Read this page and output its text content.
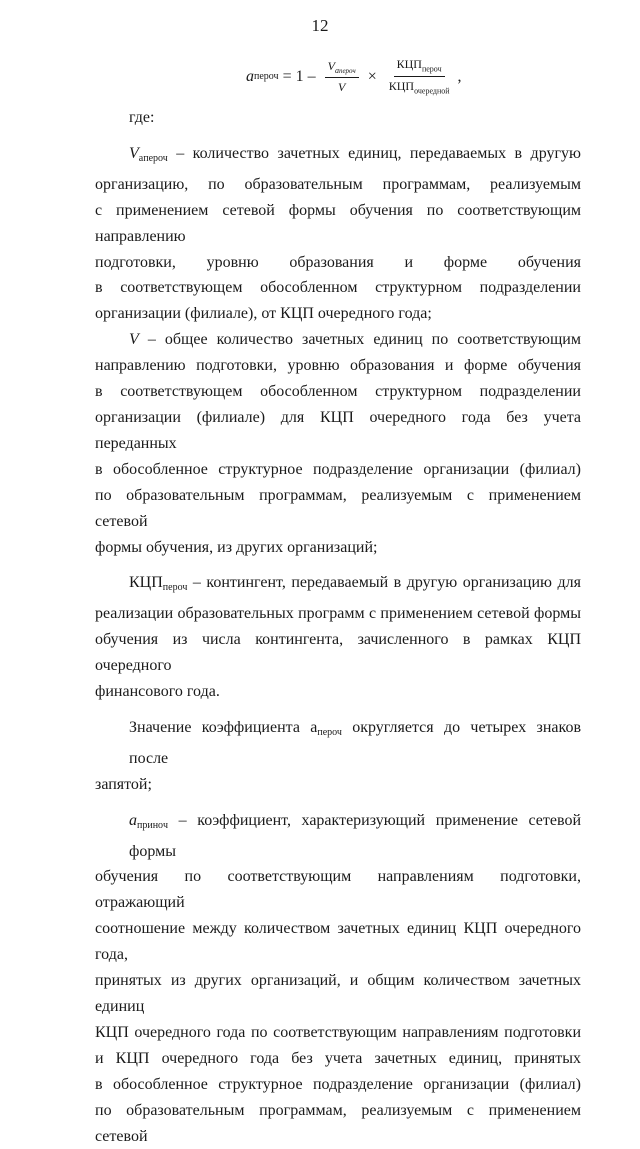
12
a пероч = $1 - \frac{V_{aпероч}}{V} \times \frac{КЦП_{пероч}}{КЦП_{очередной}}$ ,
где:
$V_{aпероч}$ – количество зачетных единиц, передаваемых в другую
организацию, по образовательным программам, реализуемым
с применением сетевой формы обучения по соответствующим направлению
подготовки, уровню образования и форме обучения
в соответствующем обособленном структурном подразделении
организации (филиале), от КЦП очередного года;
V – общее количество зачетных единиц по соответствующим
направлению подготовки, уровню образования и форме обучения
в соответствующем обособленном структурном подразделении
организации (филиале) для КЦП очередного года без учета переданных
в обособленное структурное подразделение организации (филиал)
по образовательным программам, реализуемым с применением сетевой
формы обучения, из других организаций;
$КЦП_{пероч}$ – контингент, передаваемый в другую организацию для
реализации образовательных программ с применением сетевой формы
обучения из числа контингента, зачисленного в рамках КЦП очередного
финансового года.
Значение коэффициента $a_{пероч}$ округляется до четырех знаков после
запятой;
$a_{принoч}$ – коэффициент, характеризующий применение сетевой формы
обучения по соответствующим направлениям подготовки, отражающий
соотношение между количеством зачетных единиц КЦП очередного года,
принятых из других организаций, и общим количеством зачетных единиц
КЦП очередного года по соответствующим направлениям подготовки
и КЦП очередного года без учета зачетных единиц, принятых
в обособленное структурное подразделение организации (филиал)
по образовательным программам, реализуемым с применением сетевой
